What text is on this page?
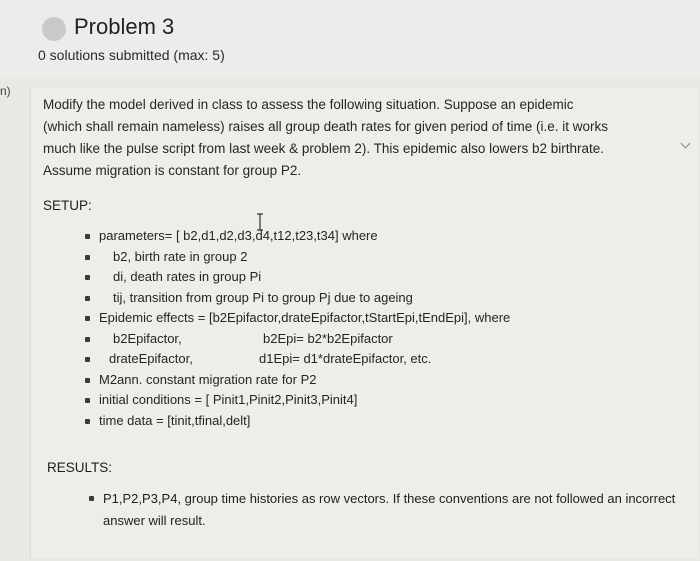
Problem 3
0 solutions submitted (max: 5)
n)
Modify the model derived in class to assess the following situation. Suppose an epidemic
(which shall remain nameless) raises all group death rates for given period of time (i.e. it works
much like the pulse script from last week & problem 2). This epidemic also lowers b2 birthrate.
Assume migration is constant for group P2.
SETUP:
parameters= [ b2,d1,d2,d3,d4,t12,t23,t34] where
b2, birth rate in group 2
di, death rates in group Pi
tij, transition from group Pi to group Pj due to ageing
Epidemic effects = [b2Epifactor,drateEpifactor,tStartEpi,tEndEpi], where
b2Epifactor,	b2Epi= b2*b2Epifactor
drateEpifactor,	d1Epi= d1*drateEpifactor, etc.
M2ann. constant migration rate for P2
initial conditions = [ Pinit1,Pinit2,Pinit3,Pinit4]
time data = [tinit,tfinal,delt]
RESULTS:
P1,P2,P3,P4, group time histories as row vectors. If these conventions are not followed an incorrect answer will result.
